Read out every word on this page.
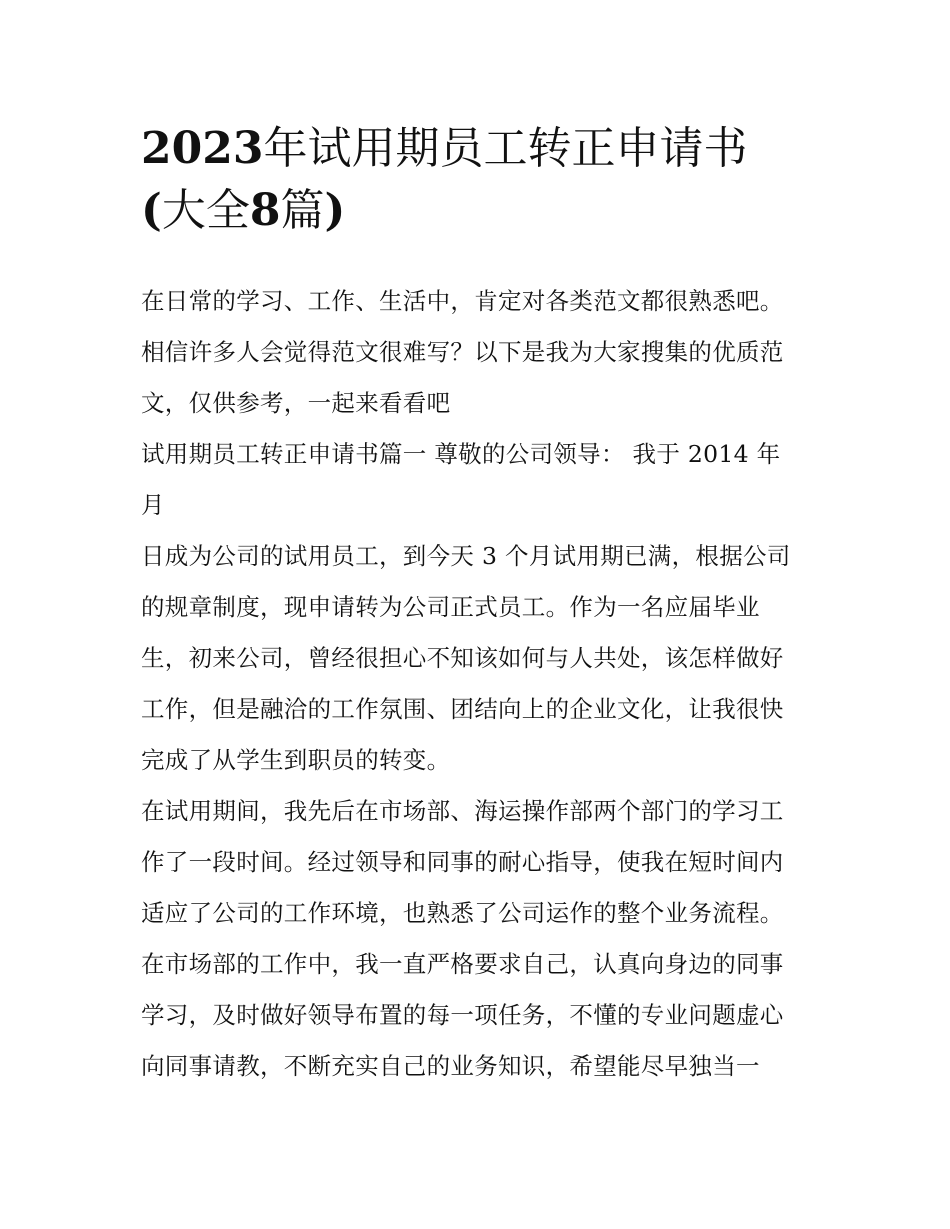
2023年试用期员工转正申请书
(大全8篇)
在日常的学习、工作、生活中，肯定对各类范文都很熟悉吧。
相信许多人会觉得范文很难写？以下是我为大家搜集的优质范
文，仅供参考，一起来看看吧
试用期员工转正申请书篇一 尊敬的公司领导： 我于 2014 年
月
日成为公司的试用员工，到今天 3 个月试用期已满，根据公司
的规章制度，现申请转为公司正式员工。作为一名应届毕业
生，初来公司，曾经很担心不知该如何与人共处，该怎样做好
工作，但是融洽的工作氛围、团结向上的企业文化，让我很快
完成了从学生到职员的转变。
在试用期间，我先后在市场部、海运操作部两个部门的学习工
作了一段时间。经过领导和同事的耐心指导，使我在短时间内
适应了公司的工作环境，也熟悉了公司运作的整个业务流程。
在市场部的工作中，我一直严格要求自己，认真向身边的同事
学习，及时做好领导布置的每一项任务，不懂的专业问题虚心
向同事请教，不断充实自己的业务知识，希望能尽早独当一
